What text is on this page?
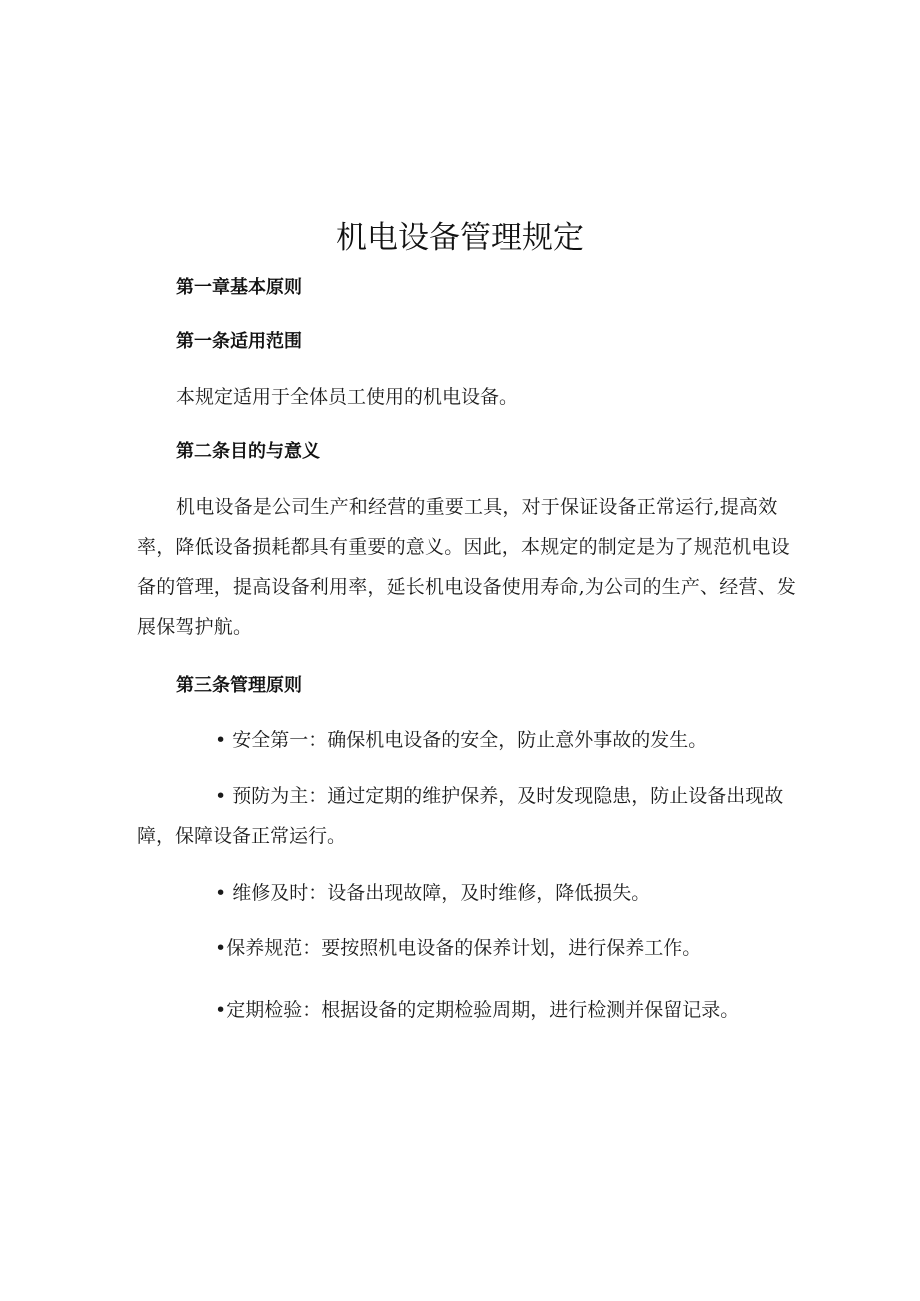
机电设备管理规定

第一章基本原则

第一条适用范围

本规定适用于全体员工使用的机电设备。

第二条目的与意义

机电设备是公司生产和经营的重要工具，对于保证设备正常运行,提高效率，降低设备损耗都具有重要的意义。因此，本规定的制定是为了规范机电设备的管理，提高设备利用率，延长机电设备使用寿命,为公司的生产、经营、发展保驾护航。

第三条管理原则

• 安全第一：确保机电设备的安全，防止意外事故的发生。

• 预防为主：通过定期的维护保养，及时发现隐患，防止设备出现故障，保障设备正常运行。

• 维修及时：设备出现故障，及时维修，降低损失。

•保养规范：要按照机电设备的保养计划，进行保养工作。

•定期检验：根据设备的定期检验周期，进行检测并保留记录。
